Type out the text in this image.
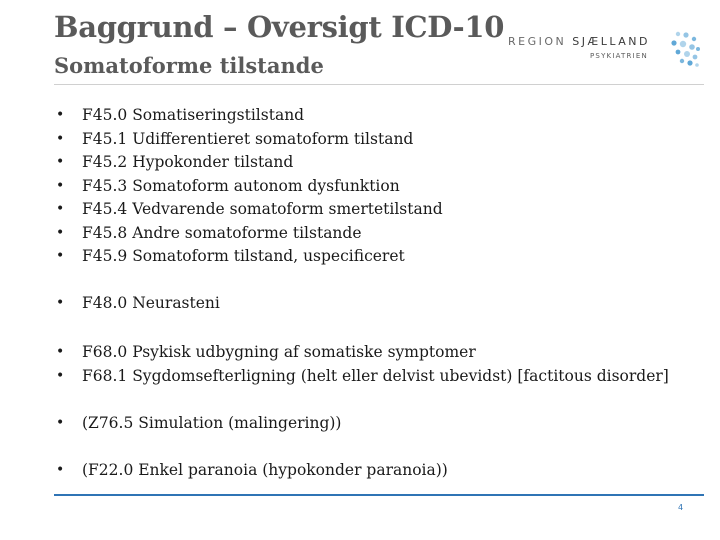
Baggrund – Oversigt ICD-10
Somatoforme tilstande
REGION SJÆLLAND
PSYKIATRIEN
• F45.0 Somatiseringstilstand
• F45.1 Udifferentieret somatoform tilstand
• F45.2 Hypokonder tilstand
• F45.3 Somatoform autonom dysfunktion
• F45.4 Vedvarende somatoform smertetilstand
• F45.8 Andre somatoforme tilstande
• F45.9 Somatoform tilstand, uspecificeret
• F48.0 Neurasteni
• F68.0 Psykisk udbygning af somatiske symptomer
• F68.1 Sygdomsefterligning (helt eller delvist ubevidst) [factitous disorder]
• (Z76.5 Simulation (malingering))
• (F22.0 Enkel paranoia (hypokonder paranoia))
4
